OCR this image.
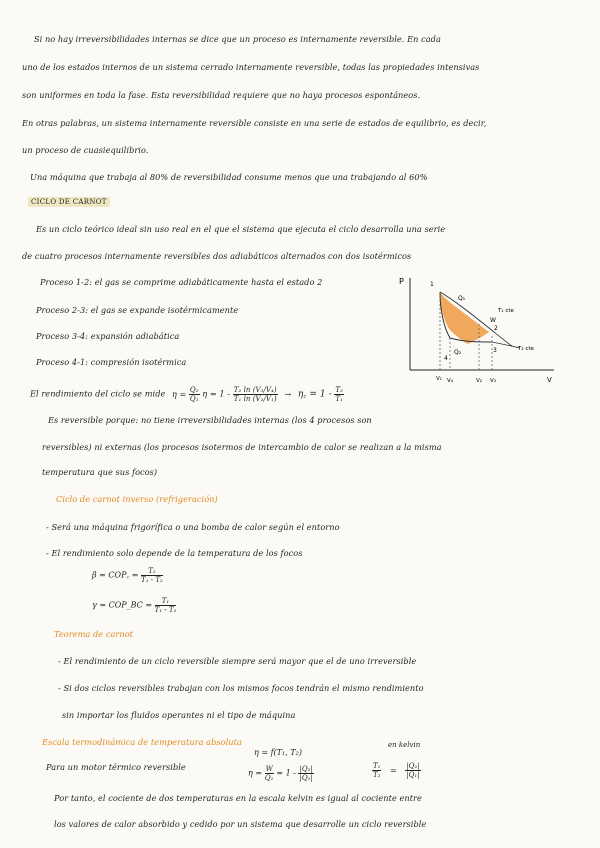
Si no hay irreversibilidades internas se dice que un proceso es internamente reversible. En cada
uno de los estados internos de un sistema cerrado internamente reversible, todas las propiedades intensivas
son uniformes en toda la fase. Esta reversibilidad requiere que no haya procesos espontáneos.
En otras palabras, un sistema internamente reversible consiste en una serie de estados de equilibrio, es decir,
un proceso de cuasiequilibrio.
Una máquina que trabaja al 80% de reversibilidad consume menos que una trabajando al 60%
CICLO DE CARNOT
Es un ciclo teórico ideal sin uso real en el que el sistema que ejecuta el ciclo desarrolla una serie
de cuatro procesos internamente reversibles dos adiabáticos alternados con dos isotérmicos
Proceso 1-2: el gas se comprime adiabáticamente hasta el estado 2
Proceso 2-3: el gas se expande isotérmicamente
Proceso 3-4: expansión adiabática
Proceso 4-1: compresión isotérmica
P
V
1
4
2
3
Q₁
Q₂
W
T₁ cte
T₂ cte
V₁ V₄	V₂ V₃
El rendimiento del ciclo se mide $\eta = \frac{\text{Q₂}}{\text{Q₁}}$ $\eta = 1 - \frac{\text{T₂ ln (V₃/V₄)}}{\text{T₁ ln (V₂/V₁)}}$ → η꜀ = $1 - \frac{\text{T₂}}{\text{T₁}}$
Es reversible porque: no tiene irreversibilidades internas (los 4 procesos son
reversibles) ni externas (los procesos isotermos de intercambio de calor se realizan a la misma
temperatura que sus focos)
Ciclo de carnot inverso (refrigeración)
- Será una máquina frigorífica o una bomba de calor según el entorno
- El rendimiento solo depende de la temperatura de los focos
β = COP꜀ = $\frac{\text{T₂}}{\text{T₁ - T₂}}$
γ = COP_BC = $\frac{\text{T₁}}{\text{T₁ - T₂}}$
Teorema de carnot
- El rendimiento de un ciclo reversible siempre será mayor que el de uno irreversible
- Si dos ciclos reversibles trabajan con los mismos focos tendrán el mismo rendimiento
sin importar los fluidos operantes ni el tipo de máquina
Escala termodinámica de temperatura absoluta
Para un motor térmico reversible
η = f(T₁, T₂)
$\eta = \frac{W}{\text{Q₁}} = 1 - \frac{\text{|Q₂|}}{\text{|Q₁|}}$	$\frac{\text{T₁}}{\text{T₂}} = \frac{\text{|Q₂|}}{\text{|Q₁|}}$
en kelvin
Por tanto, el cociente de dos temperaturas en la escala kelvin es igual al cociente entre
los valores de calor absorbido y cedido por un sistema que desarrolle un ciclo reversible
